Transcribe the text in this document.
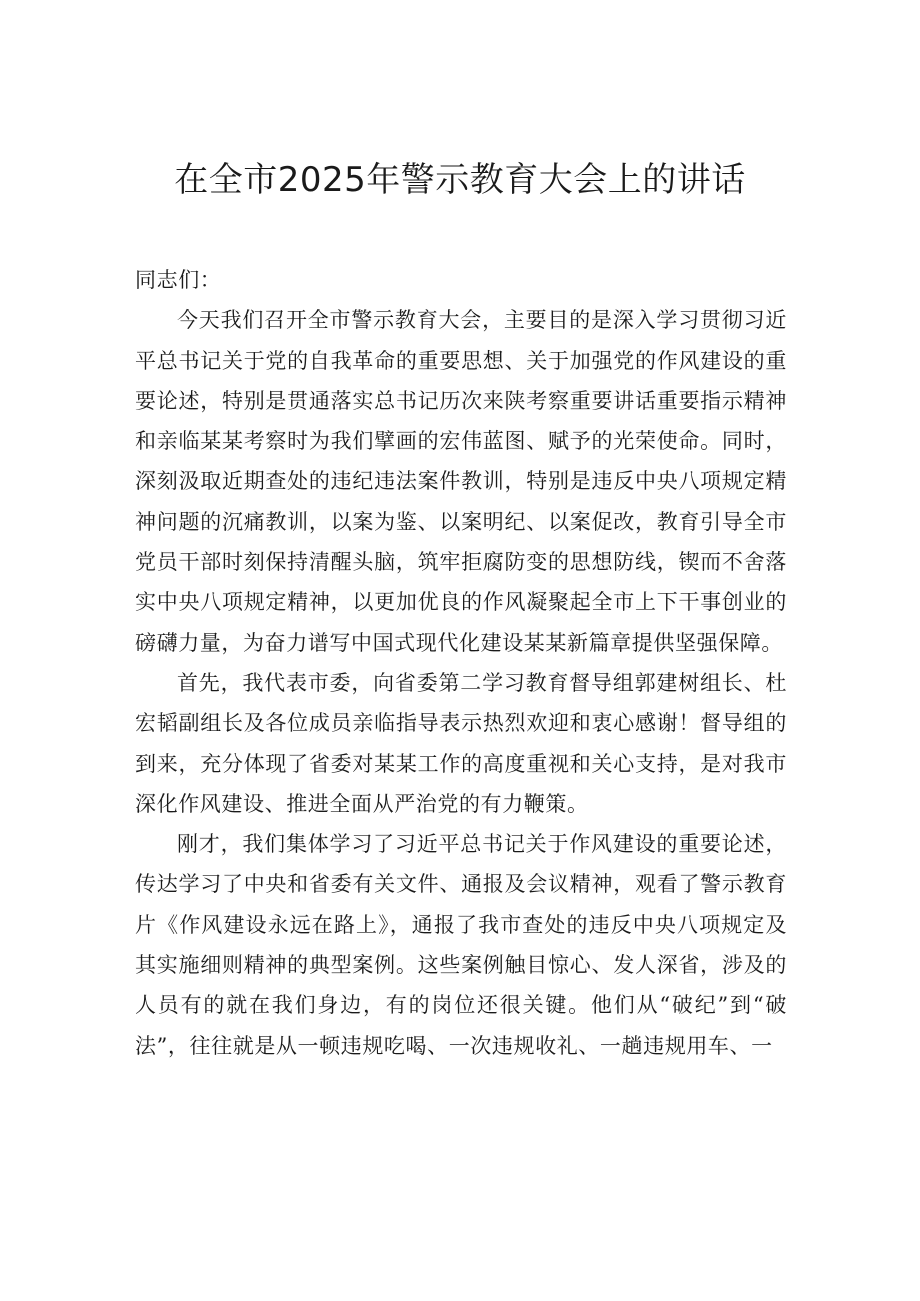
在全市2025年警示教育大会上的讲话

同志们：

今天我们召开全市警示教育大会，主要目的是深入学习贯彻习近平总书记关于党的自我革命的重要思想、关于加强党的作风建设的重要论述，特别是贯通落实总书记历次来陕考察重要讲话重要指示精神和亲临某某考察时为我们擘画的宏伟蓝图、赋予的光荣使命。同时，深刻汲取近期查处的违纪违法案件教训，特别是违反中央八项规定精神问题的沉痛教训，以案为鉴、以案明纪、以案促改，教育引导全市党员干部时刻保持清醒头脑，筑牢拒腐防变的思想防线，锲而不舍落实中央八项规定精神，以更加优良的作风凝聚起全市上下干事创业的磅礴力量，为奋力谱写中国式现代化建设某某新篇章提供坚强保障。

首先，我代表市委，向省委第二学习教育督导组郭建树组长、杜宏韬副组长及各位成员亲临指导表示热烈欢迎和衷心感谢！督导组的到来，充分体现了省委对某某工作的高度重视和关心支持，是对我市深化作风建设、推进全面从严治党的有力鞭策。

刚才，我们集体学习了习近平总书记关于作风建设的重要论述，传达学习了中央和省委有关文件、通报及会议精神，观看了警示教育片《作风建设永远在路上》，通报了我市查处的违反中央八项规定及其实施细则精神的典型案例。这些案例触目惊心、发人深省，涉及的人员有的就在我们身边，有的岗位还很关键。他们从“破纪”到“破法”，往往就是从一顿违规吃喝、一次违规收礼、一趟违规用车、一
